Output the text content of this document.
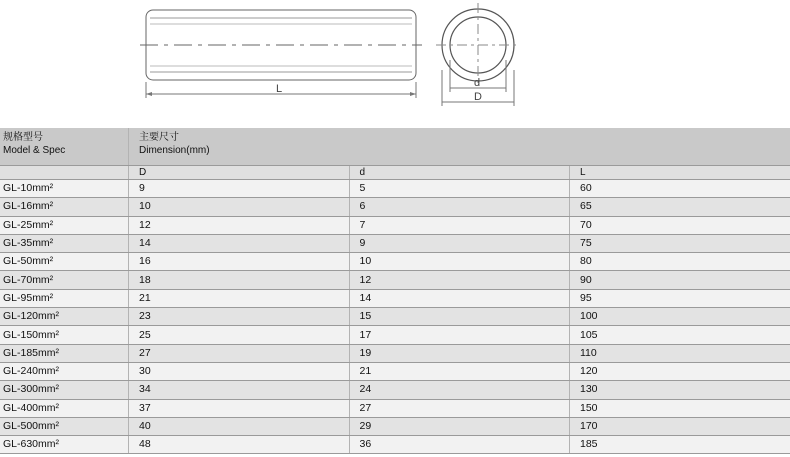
L	d
D
规格型号
Model & Spec	主要尺寸
Dimension(mm)		

	D	d	L
GL-10mm²	9	5	60
GL-16mm²	10	6	65
GL-25mm²	12	7	70
GL-35mm²	14	9	75
GL-50mm²	16	10	80
GL-70mm²	18	12	90
GL-95mm²	21	14	95
GL-120mm²	23	15	100
GL-150mm²	25	17	105
GL-185mm²	27	19	110
GL-240mm²	30	21	120
GL-300mm²	34	24	130
GL-400mm²	37	27	150
GL-500mm²	40	29	170
GL-630mm²	48	36	185
